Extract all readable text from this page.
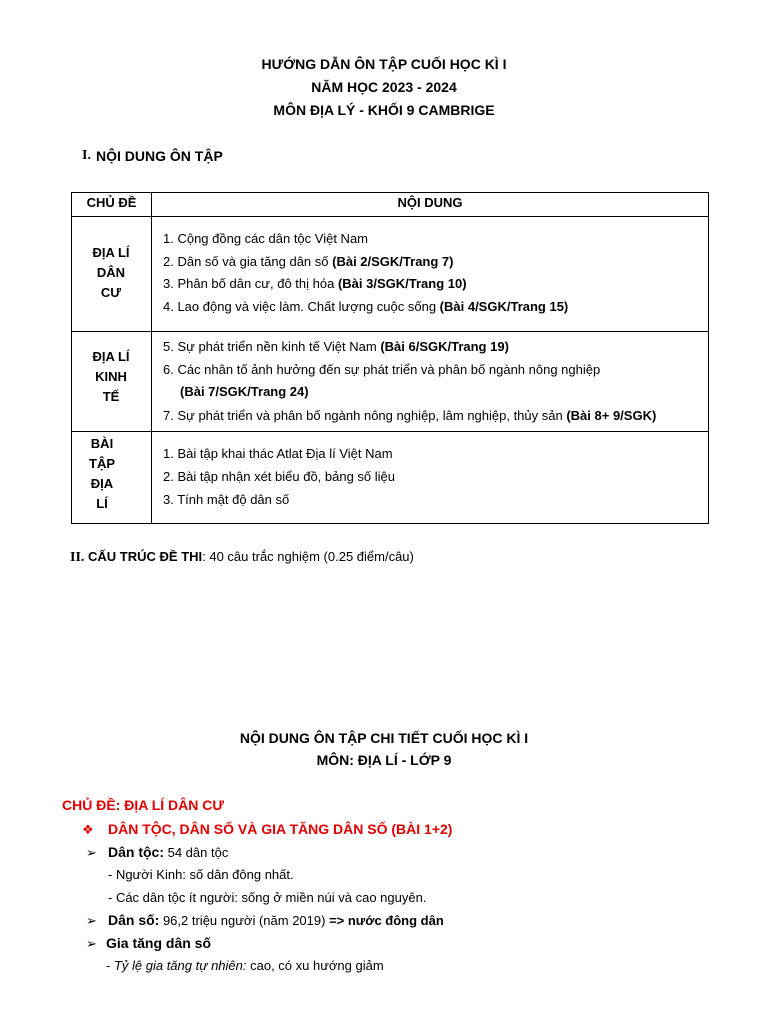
HƯỚNG DẪN ÔN TẬP CUỐI HỌC KÌ I
NĂM HỌC 2023 - 2024
MÔN ĐỊA LÝ - KHỐI 9 CAMBRIGE
I. NỘI DUNG ÔN TẬP
CHỦ ĐỀ	NỘI DUNG
ĐỊA LÍ
DÂN
CƯ
1. Cộng đồng các dân tộc Việt Nam
2. Dân số và gia tăng dân số (Bài 2/SGK/Trang 7)
3. Phân bố dân cư, đô thị hóa (Bài 3/SGK/Trang 10)
4. Lao động và việc làm. Chất lượng cuộc sống (Bài 4/SGK/Trang 15)
ĐỊA LÍ
KINH
TẾ
5. Sự phát triển nền kinh tế Việt Nam (Bài 6/SGK/Trang 19)
6. Các nhân tố ảnh hưởng đến sự phát triển và phân bố ngành nông nghiệp
(Bài 7/SGK/Trang 24)
7. Sự phát triển và phân bố ngành nông nghiệp, lâm nghiệp, thủy sản (Bài 8+ 9/SGK)
BÀI
TẬP
ĐỊA
LÍ
1. Bài tập khai thác Atlat Địa lí Việt Nam
2. Bài tập nhận xét biểu đồ, bảng số liệu
3. Tính mật độ dân số
II. CẤU TRÚC ĐỀ THI: 40 câu trắc nghiệm (0.25 điểm/câu)
NỘI DUNG ÔN TẬP CHI TIẾT CUỐI HỌC KÌ I
MÔN: ĐỊA LÍ - LỚP 9
CHỦ ĐỀ: ĐỊA LÍ DÂN CƯ
❖ DÂN TỘC, DÂN SỐ VÀ GIA TĂNG DÂN SỐ (BÀI 1+2)
➢ Dân tộc: 54 dân tộc
- Người Kinh: số dân đông nhất.
- Các dân tộc ít người: sống ở miền núi và cao nguyên.
➢ Dân số: 96,2 triệu người (năm 2019) => nước đông dân
➢ Gia tăng dân số
- Tỷ lệ gia tăng tự nhiên: cao, có xu hướng giảm
